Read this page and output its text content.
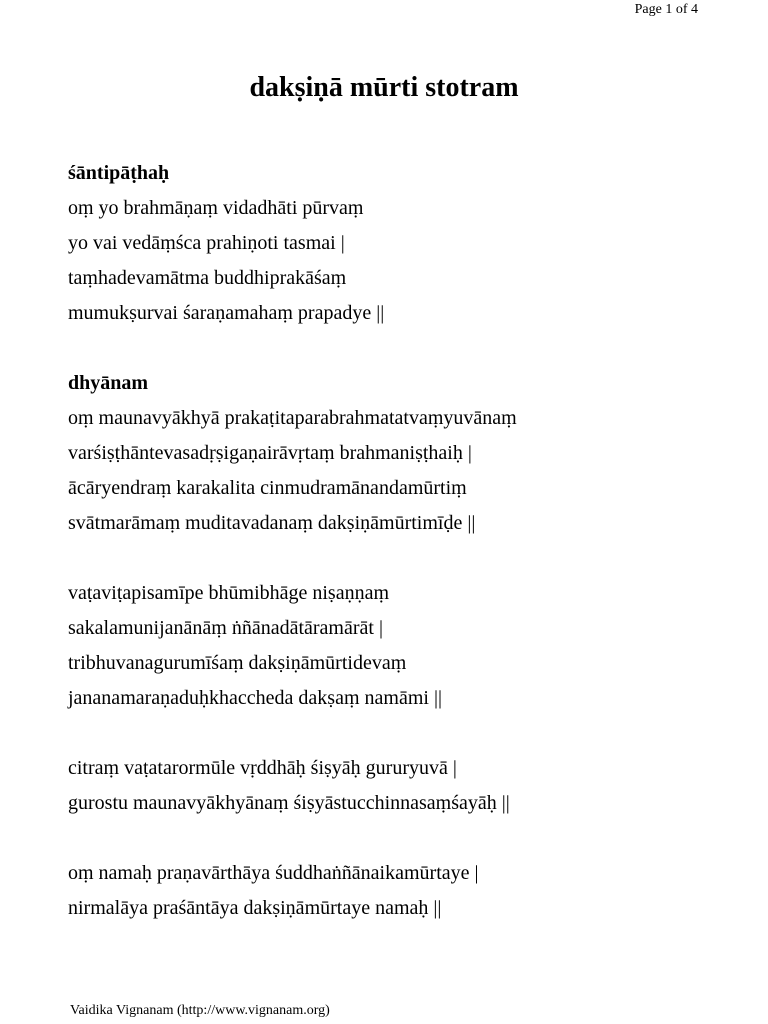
Page 1 of 4
dakṣiṇā mūrti stotram
śāntipāṭhaḥ
oṃ yo brahmāṇaṃ vidadhāti pūrvaṃ
yo vai vedāṃśca prahiṇoti tasmai |
taṃhadevamātma buddhiprakāśaṃ
mumukṣurvai śaraṇamahaṃ prapadye ||
dhyānam
oṃ maunavyākhyā prakaṭitaparabrahmatatvaṃyuvānaṃ
varśiṣṭhāntevasadṛṣigaṇairāvṛtaṃ brahmaniṣṭhaiḥ |
ācāryendraṃ karakalita cinmudramānandamūrtiṃ
svātmarāmaṃ muditavadanaṃ dakṣiṇāmūrtimīḍe ||
vaṭaviṭapisamīpe bhūmibhāge niṣaṇṇaṃ
sakalamunijanānāṃ ṅñānadātāramārāt |
tribhuvanagurumīśaṃ dakṣiṇāmūrtidevaṃ
jananamaraṇaduḥkhaccheda dakṣaṃ namāmi ||
citraṃ vaṭatarormūle vṛddhāḥ śiṣyāḥ gururyuvā |
gurostu maunavyākhyānaṃ śiṣyāstucchinnasaṃśayāḥ ||
oṃ namaḥ praṇavārthāya śuddhaṅñānaikamūrtaye |
nirmalāya praśāntāya dakṣiṇāmūrtaye namaḥ ||
Vaidika Vignanam (http://www.vignanam.org)
